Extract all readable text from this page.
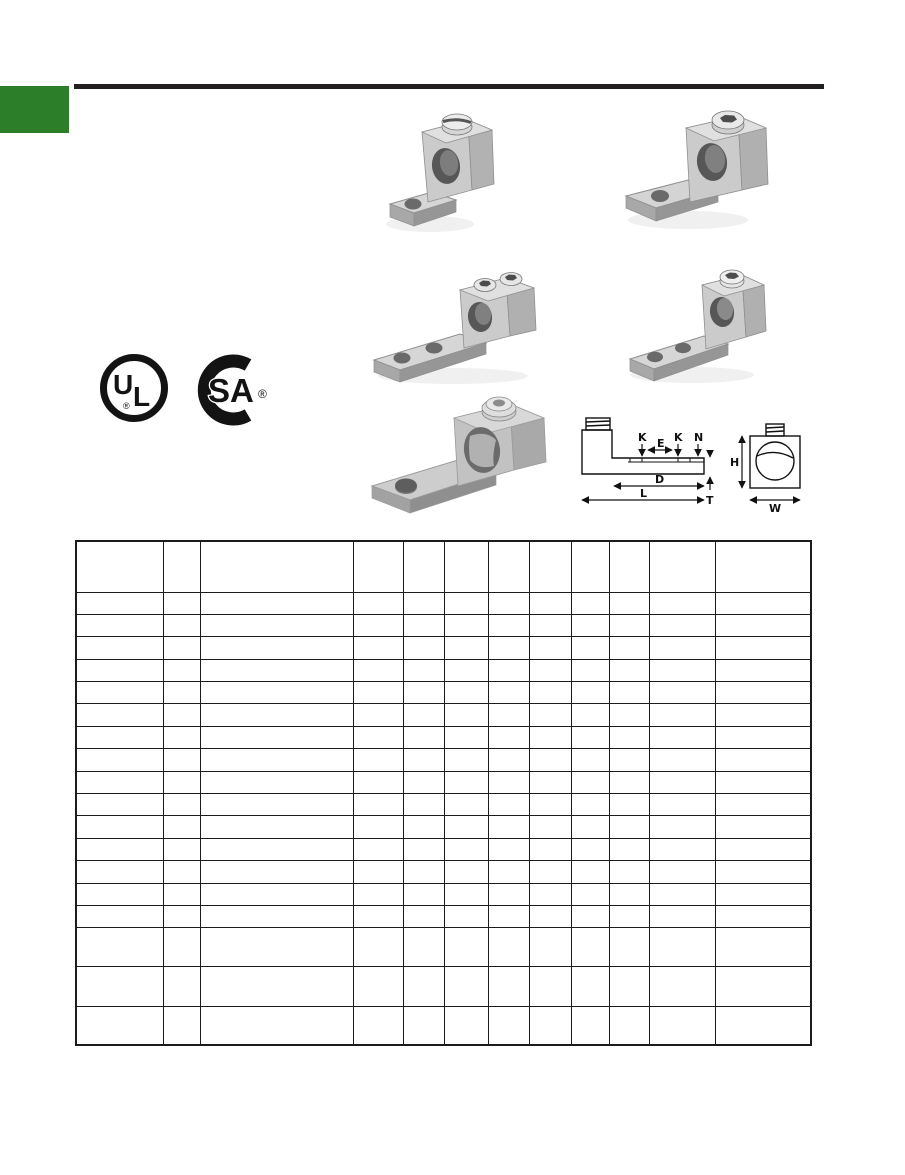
U L
® SA ®
K E K N
D
L
T
H
W
